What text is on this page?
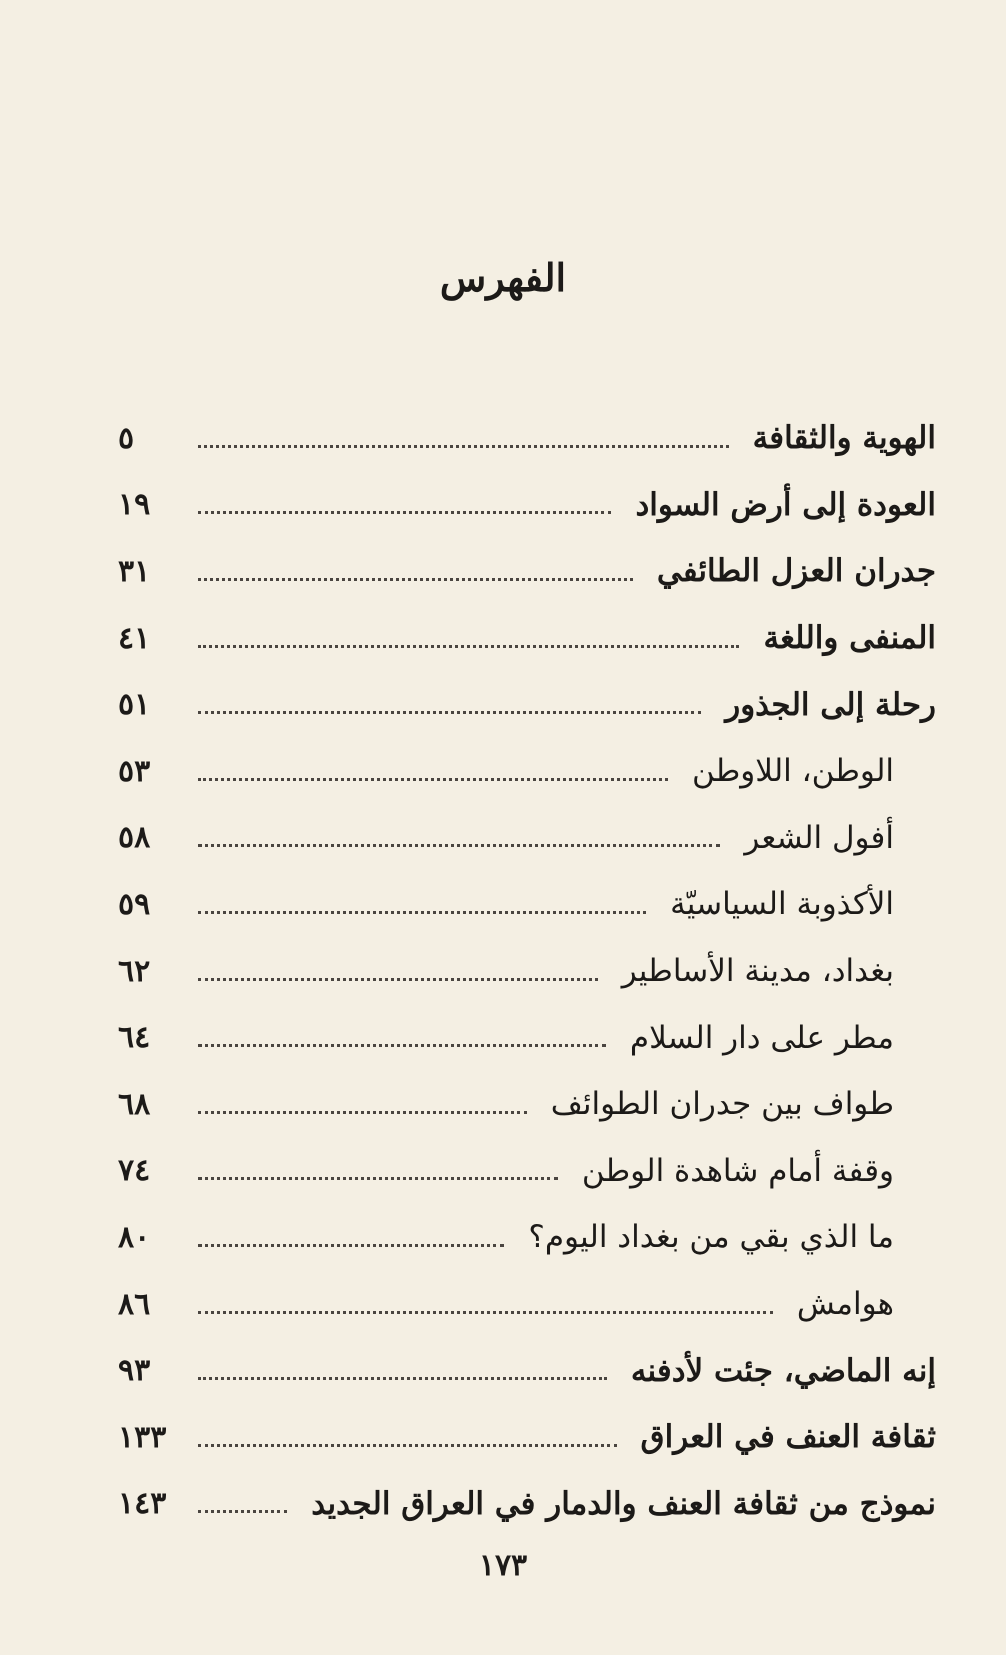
الفهرس
الهوية والثقافة
٥
العودة إلى أرض السواد
١٩
جدران العزل الطائفي
٣١
المنفى واللغة
٤١
رحلة إلى الجذور
٥١
الوطن، اللاوطن
٥٣
أفول الشعر
٥٨
الأكذوبة السياسيّة
٥٩
بغداد، مدينة الأساطير
٦٢
مطر على دار السلام
٦٤
طواف بين جدران الطوائف
٦٨
وقفة أمام شاهدة الوطن
٧٤
ما الذي بقي من بغداد اليوم؟
٨٠
هوامش
٨٦
إنه الماضي، جئت لأدفنه
٩٣
ثقافة العنف في العراق
١٣٣
نموذج من ثقافة العنف والدمار في العراق الجديد
١٤٣
١٧٣
